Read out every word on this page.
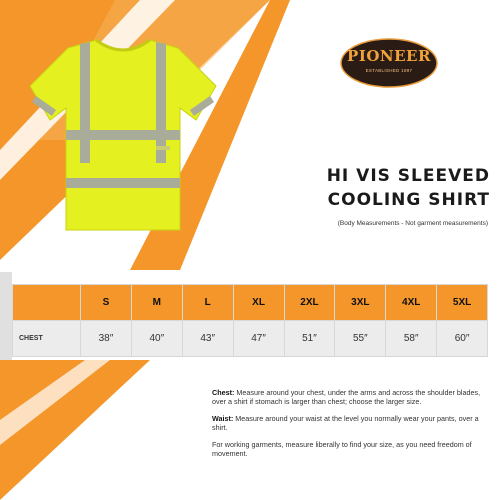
PIONEER
ESTABLISHED 1897
HI VIS SLEEVED
COOLING SHIRT
(Body Measurements - Not garment measurements)
	S	M	L	XL	2XL	3XL	4XL	5XL
CHEST	38″	40″	43″	47″	51″	55″	58″	60″

Chest: Measure around your chest, under the arms and across the shoulder blades, over a shirt if stomach is larger than chest; choose the larger size.

Waist: Measure around your waist at the level you normally wear your pants, over a shirt.

For working garments, measure liberally to find your size, as you need freedom of movement.
